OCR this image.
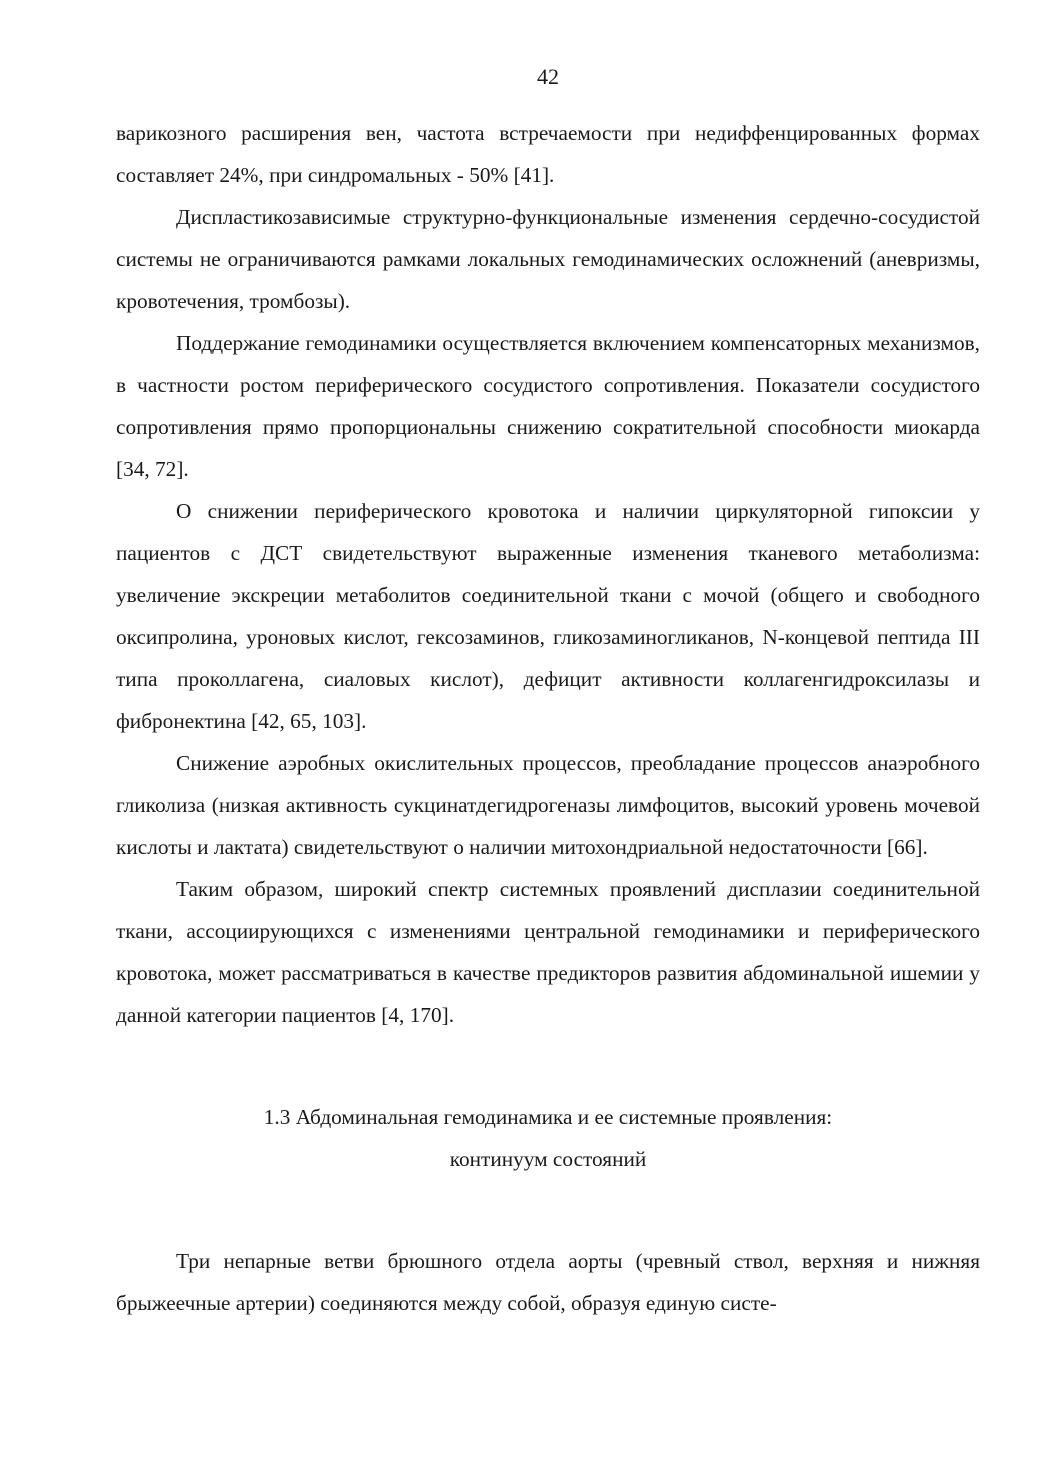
42

варикозного расширения вен, частота встречаемости при недиффенцированных формах составляет 24%, при синдромальных - 50% [41].

Диспластикозависимые структурно-функциональные изменения сердечно-сосудистой системы не ограничиваются рамками локальных гемодинамических осложнений (аневризмы, кровотечения, тромбозы).

Поддержание гемодинамики осуществляется включением компенсаторных механизмов, в частности ростом периферического сосудистого сопротивления. Показатели сосудистого сопротивления прямо пропорциональны снижению сократительной способности миокарда [34, 72].

О снижении периферического кровотока и наличии циркуляторной гипоксии у пациентов с ДСТ свидетельствуют выраженные изменения тканевого метаболизма: увеличение экскреции метаболитов соединительной ткани с мочой (общего и свободного оксипролина, уроновых кислот, гексозаминов, гликозаминогликанов, N-концевой пептида III типа проколлагена, сиаловых кислот), дефицит активности коллагенгидроксилазы и фибронектина [42, 65, 103].

Снижение аэробных окислительных процессов, преобладание процессов анаэробного гликолиза (низкая активность сукцинатдегидрогеназы лимфоцитов, высокий уровень мочевой кислоты и лактата) свидетельствуют о наличии митохондриальной недостаточности [66].

Таким образом, широкий спектр системных проявлений дисплазии соединительной ткани, ассоциирующихся с изменениями центральной гемодинамики и периферического кровотока, может рассматриваться в качестве предикторов развития абдоминальной ишемии у данной категории пациентов [4, 170].

1.3 Абдоминальная гемодинамика и ее системные проявления:
континуум состояний

Три непарные ветви брюшного отдела аорты (чревный ствол, верхняя и нижняя брыжеечные артерии) соединяются между собой, образуя единую систе-
